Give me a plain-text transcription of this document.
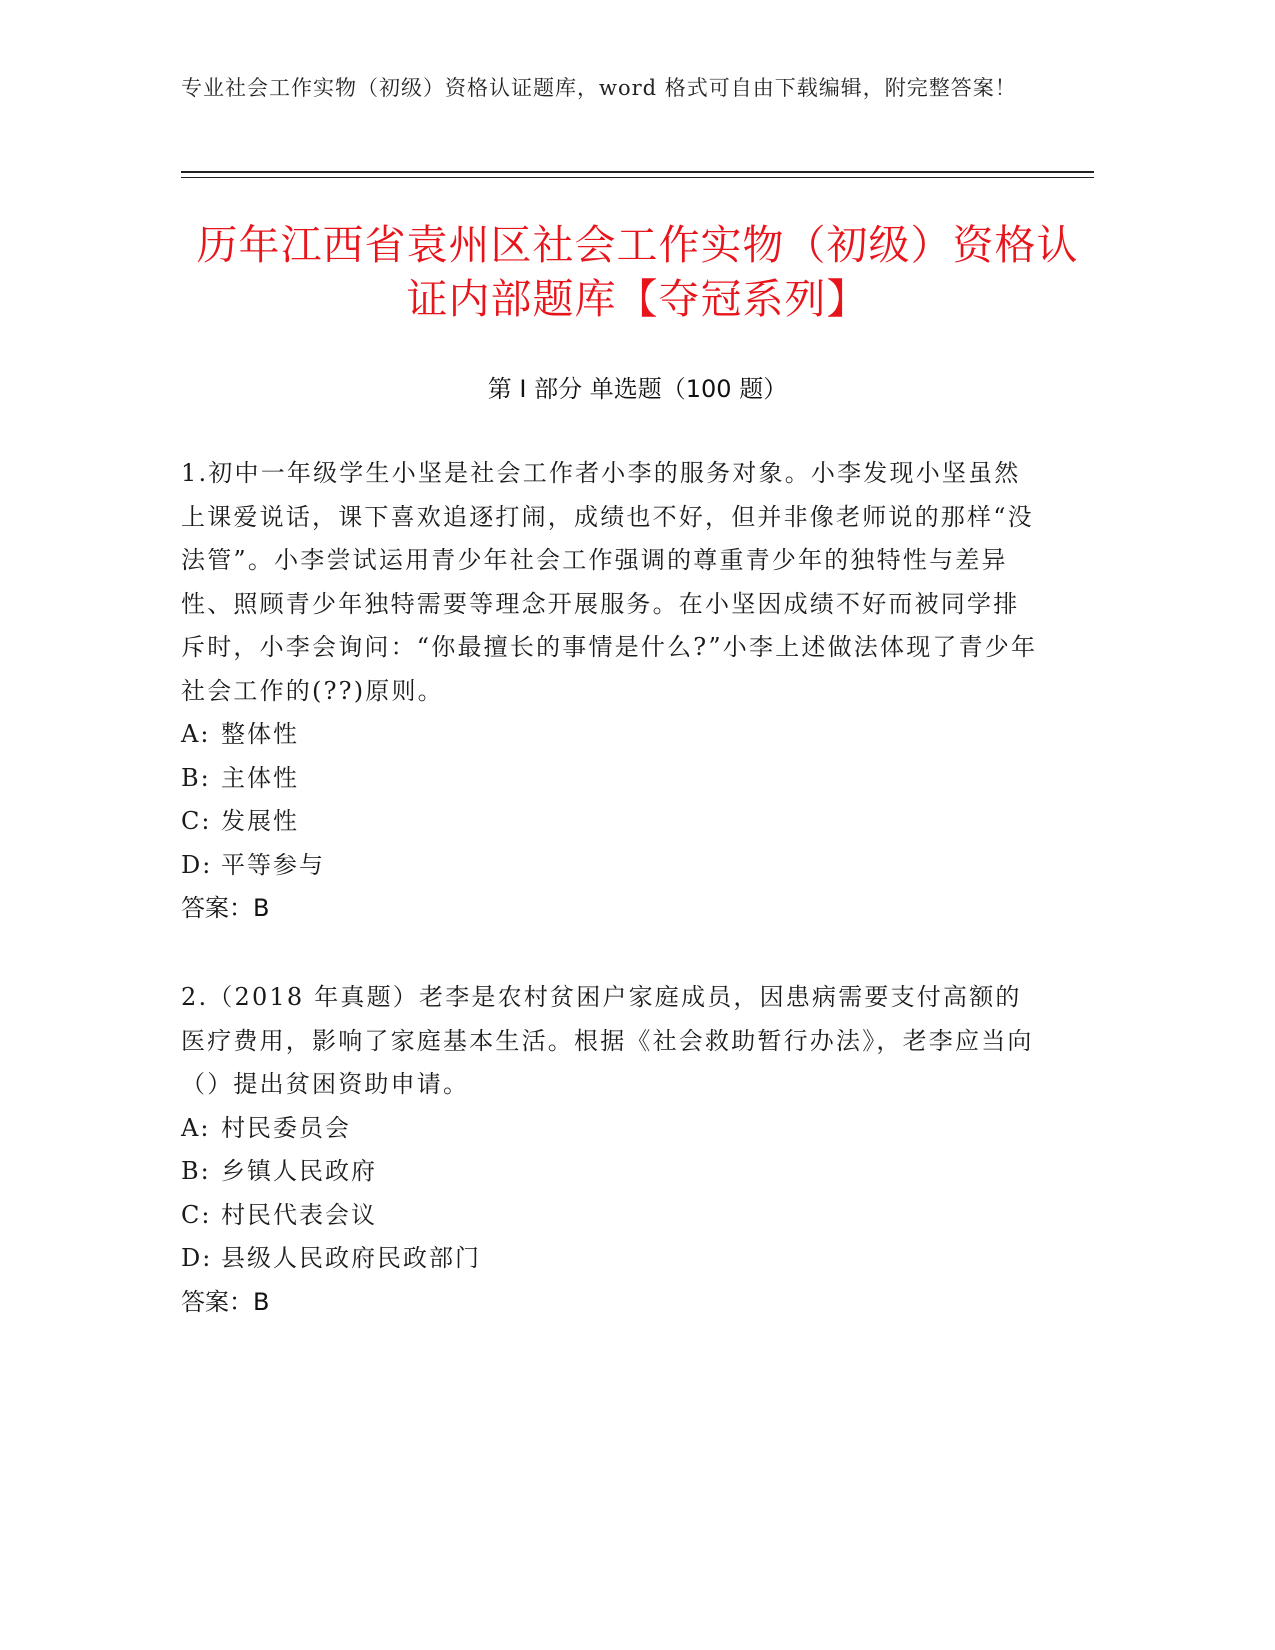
专业社会工作实物（初级）资格认证题库，word 格式可自由下载编辑，附完整答案！
历年江西省袁州区社会工作实物（初级）资格认证内部题库【夺冠系列】
第 I 部分 单选题（100 题）

1.初中一年级学生小坚是社会工作者小李的服务对象。小李发现小坚虽然上课爱说话，课下喜欢追逐打闹，成绩也不好，但并非像老师说的那样“没法管”。小李尝试运用青少年社会工作强调的尊重青少年的独特性与差异性、照顾青少年独特需要等理念开展服务。在小坚因成绩不好而被同学排斥时，小李会询问：“你最擅长的事情是什么?”小李上述做法体现了青少年社会工作的(??)原则。

A: 整体性

B: 主体性

C: 发展性

D: 平等参与

答案：B

2.（2018 年真题）老李是农村贫困户家庭成员，因患病需要支付高额的医疗费用，影响了家庭基本生活。根据《社会救助暂行办法》，老李应当向（）提出贫困资助申请。

A: 村民委员会

B: 乡镇人民政府

C: 村民代表会议

D: 县级人民政府民政部门

答案：B
